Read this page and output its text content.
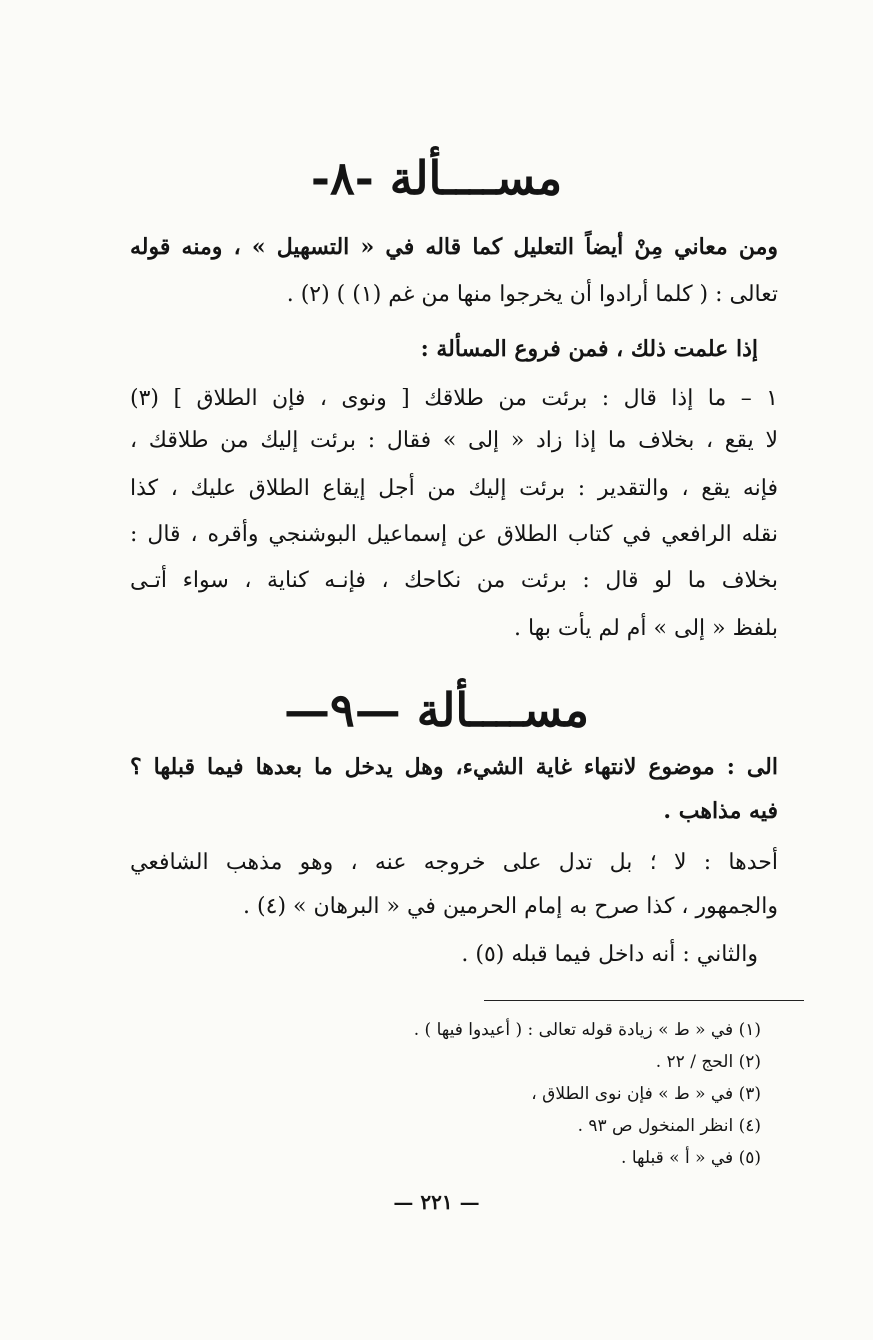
مســــألة -٨-
ومن معاني مِنْ أيضاً التعليل كما قاله في « التسهيل » ، ومنه قوله
تعالى : ( كلما أرادوا أن يخرجوا منها من غم (١) ) (٢) .
إذا علمت ذلك ، فمن فروع المسألة :
١ – ما إذا قال : برئت من طلاقك [ ونوى ، فإن الطلاق ] (٣)
لا يقع ، بخلاف ما إذا زاد « إلى » فقال : برئت إليك من طلاقك ،
فإنه يقع ، والتقدير : برئت إليك من أجل إيقاع الطلاق عليك ، كذا
نقله الرافعي في كتاب الطلاق عن إسماعيل البوشنجي وأقره ، قال :
بخلاف ما لو قال : برئت من نكاحك ، فإنـه كناية ، سواء أتـى
بلفظ « إلى » أم لم يأت بها .
مســــألة —٩—
الى : موضوع لانتهاء غاية الشيء، وهل يدخل ما بعدها فيما قبلها ؟
فيه مذاهب .
أحدها : لا ؛ بل تدل على خروجه عنه ، وهو مذهب الشافعي
والجمهور ، كذا صرح به إمام الحرمين في « البرهان » (٤) .
والثاني : أنه داخل فيما قبله (٥) .
(١) في « ط » زيادة قوله تعالى : ( أعيدوا فيها ) .
(٢) الحج / ٢٢ .
(٣) في « ط » فإن نوى الطلاق ،
(٤) انظر المنخول ص ٩٣ .
(٥) في « أ » قبلها .
— ٢٢١ —
